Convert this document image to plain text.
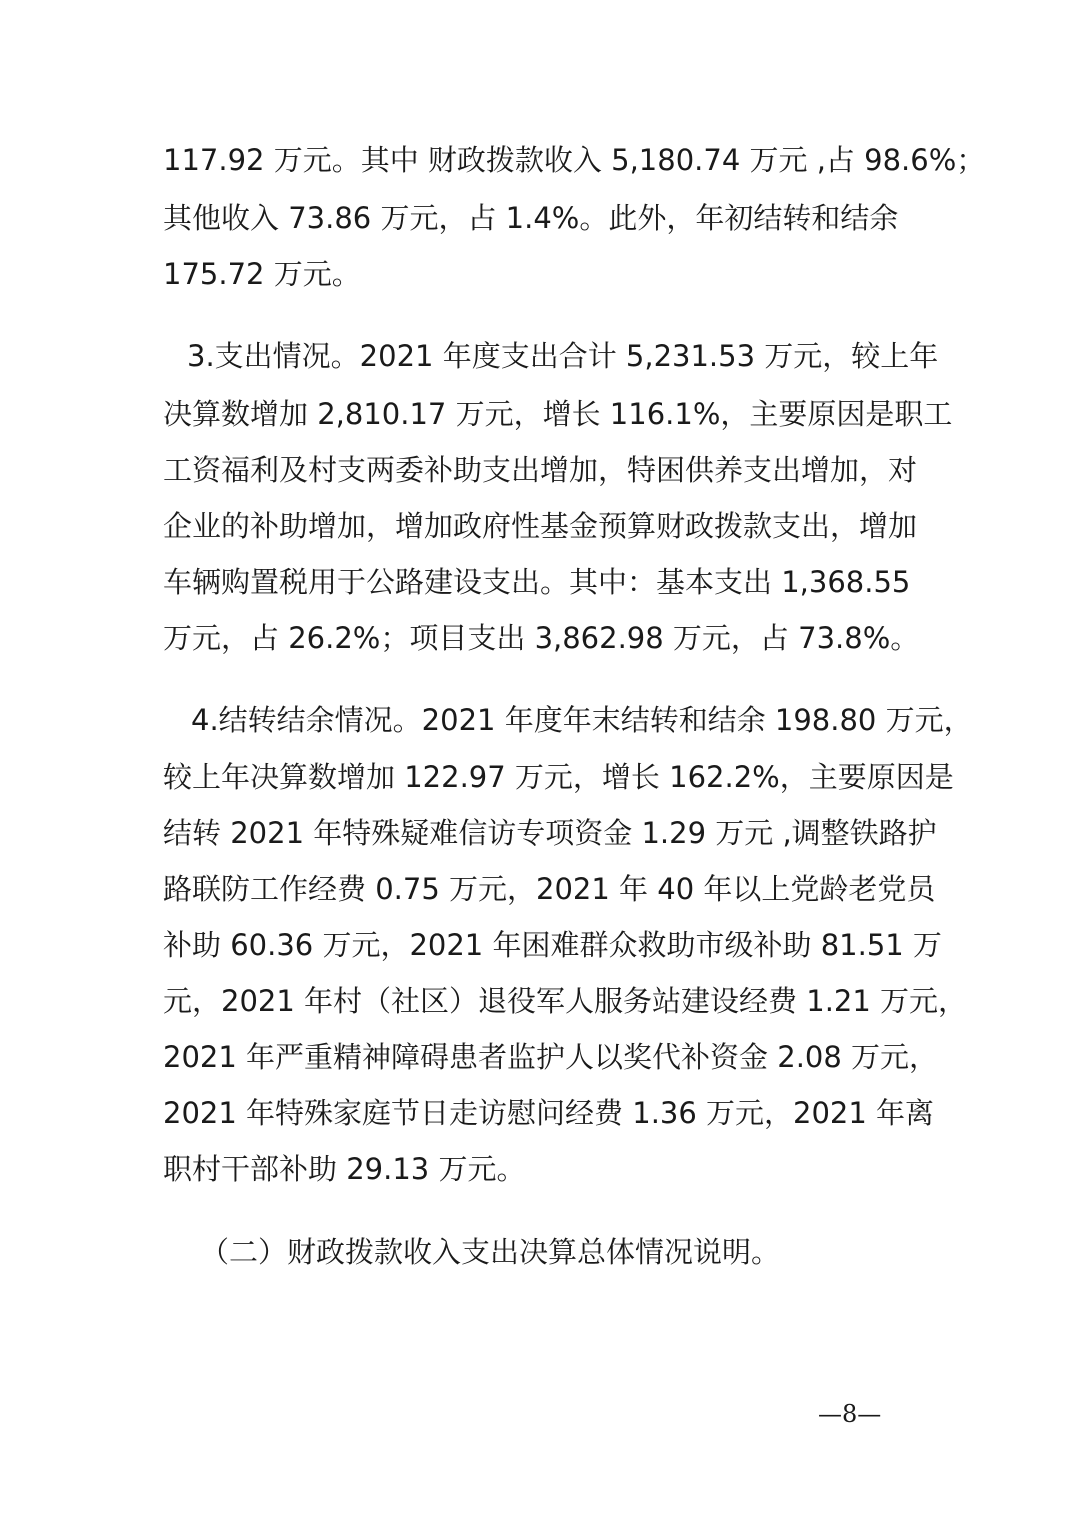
117.92 万元。其中 财政拨款收入 5,180.74 万元 ,占 98.6%；
其他收入 73.86 万元，占 1.4%。此外，年初结转和结余
175.72 万元。
3.支出情况。2021 年度支出合计 5,231.53 万元，较上年
决算数增加 2,810.17 万元，增长 116.1%，主要原因是职工
工资福利及村支两委补助支出增加，特困供养支出增加，对
企业的补助增加，增加政府性基金预算财政拨款支出，增加
车辆购置税用于公路建设支出。其中：基本支出 1,368.55
万元，占 26.2%；项目支出 3,862.98 万元，占 73.8%。
4.结转结余情况。2021 年度年末结转和结余 198.80 万元，
较上年决算数增加 122.97 万元，增长 162.2%，主要原因是
结转 2021 年特殊疑难信访专项资金 1.29 万元 ,调整铁路护
路联防工作经费 0.75 万元，2021 年 40 年以上党龄老党员
补助 60.36 万元，2021 年困难群众救助市级补助 81.51 万
元，2021 年村（社区）退役军人服务站建设经费 1.21 万元，
2021 年严重精神障碍患者监护人以奖代补资金 2.08 万元，
2021 年特殊家庭节日走访慰问经费 1.36 万元，2021 年离
职村干部补助 29.13 万元。
（二）财政拨款收入支出决算总体情况说明。
—8—
